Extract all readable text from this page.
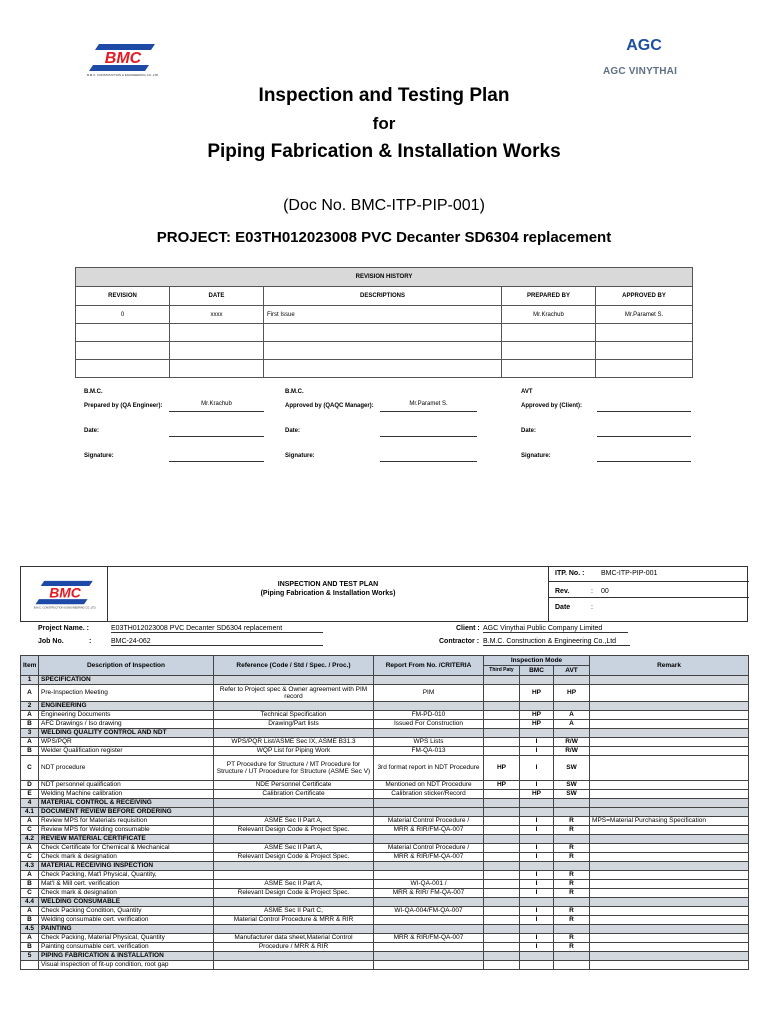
BMC
B.M.C. CONSTRUCTION & ENGINEERING CO.,LTD.
AGC
AGC VINYTHAI
Inspection and Testing Plan
for
Piping Fabrication & Installation Works
(Doc No. BMC-ITP-PIP-001)
PROJECT: E03TH012023008 PVC Decanter SD6304 replacement
REVISION HISTORY				
REVISION	DATE	DESCRIPTIONS	PREPARED BY	APPROVED BY
0	xxxx	First Issue	Mr.Krachub	Mr.Paramet S.

B.M.C.
Prepared by (QA Engineer):	Mr.Krachub
Date:
Signature:
B.M.C.
Approved by (QAQC Manager):	Mr.Paramet S.
Date:
Signature:
AVT
Approved by (Client):
Date:
Signature:
BMC
B.M.C. CONSTRUCTION & ENGINEERING CO.,LTD.
INSPECTION AND TEST PLAN
(Piping Fabrication & Installation Works)
ITP. No. : BMC-ITP-PIP-001
Rev.	: 00
Date	:
Project Name. :	E03TH012023008 PVC Decanter SD6304 replacement
Job No.	:	BMC-24-062
Client : AGC Vinythai Public Company Limited
Contractor : B.M.C. Construction & Engineering Co.,Ltd
Item	Description of Inspection	Reference (Code / Std / Spec. / Proc.)	Report From No. /CRITERIA	Inspection Mode			Remark
				Third Paty	BMC	AVT	
1	SPECIFICATION						
A	Pre-Inspection Meeting	Refer to Project spec & Owner agreement with PIM record	PIM		HP	HP	
2	ENGINEERING						
A	Engineering Documents	Technical Specification	FM-PD-010		HP	A	
B	AFC Drawings / Iso drawing	Drawing/Part lists	Issued For Construction		HP	A	
3	WELDING QUALITY CONTROL AND NDT						
A	WPS/PQR	WPS/PQR List/ASME Sec IX, ASME B31.3	WPS Lists		I	R/W	
B	Welder Qualification register	WQP List for Piping Work	FM-QA-013		I	R/W	
C	NDT procedure	PT Procedure for Structure / MT Procedure for Structure / UT Procedure for Structure (ASME Sec V)	3rd format report in NDT Procedure	HP	I	SW	
D	NDT personnel qualification	NDE Personnel Certificate	Mentioned on NDT Procedure	HP	I	SW	
E	Welding Machine calibration	Calibration Certificate	Calibration sticker/Record		HP	SW	
4	MATERIAL CONTROL & RECEIVING						
4.1	DOCUMENT REVIEW BEFORE ORDERING						
A	Review MPS for Materials requisition	ASME Sec II Part A,	Material Control Procedure /		I	R	MPS=Material Purchasing Specification
C	Review MPS for Welding consumable	Relevant Design Code & Project Spec.	MRR & RIR/FM-QA-007		I	R	
4.2	REVIEW MATERIAL CERTIFICATE						
A	Check Certificate for Chemical & Mechanical	ASME Sec II Part A,	Material Control Procedure /		I	R	
C	Check mark & designation	Relevant Design Code & Project Spec.	MRR & RIR/FM-QA-007		I	R	
4.3	MATERIAL RECEIVING INSPECTION						
A	Check Packing, Mat'l Physical, Quantity,				I	R	
B	Mat'l & Mill cert. verification	ASME Sec II Part A,	WI-QA-001 /		I	R	
C	Check mark & designation	Relevant Design Code & Project Spec.	MRR & RIR/ FM-QA-007		I	R	
4.4	WELDING CONSUMABLE						
A	Check Packing Condition, Quantity	ASME Sec II Part C,	WI-QA-004/FM-QA-007		I	R	
B	Welding consumable cert. verification	Material Control Procedure & MRR & RIR			I	R	
4.5	PAINTING						
A	Check Packing, Material Physical, Quantity	Manufacturer data sheet,Material Control	MRR & RIR/FM-QA-007		I	R	
B	Painting consumable cert. verification	Procedure / MRR & RIR			I	R	
5	PIPING FABRICATION & INSTALLATION						
	Visual inspection of fit-up condition, root gap						
